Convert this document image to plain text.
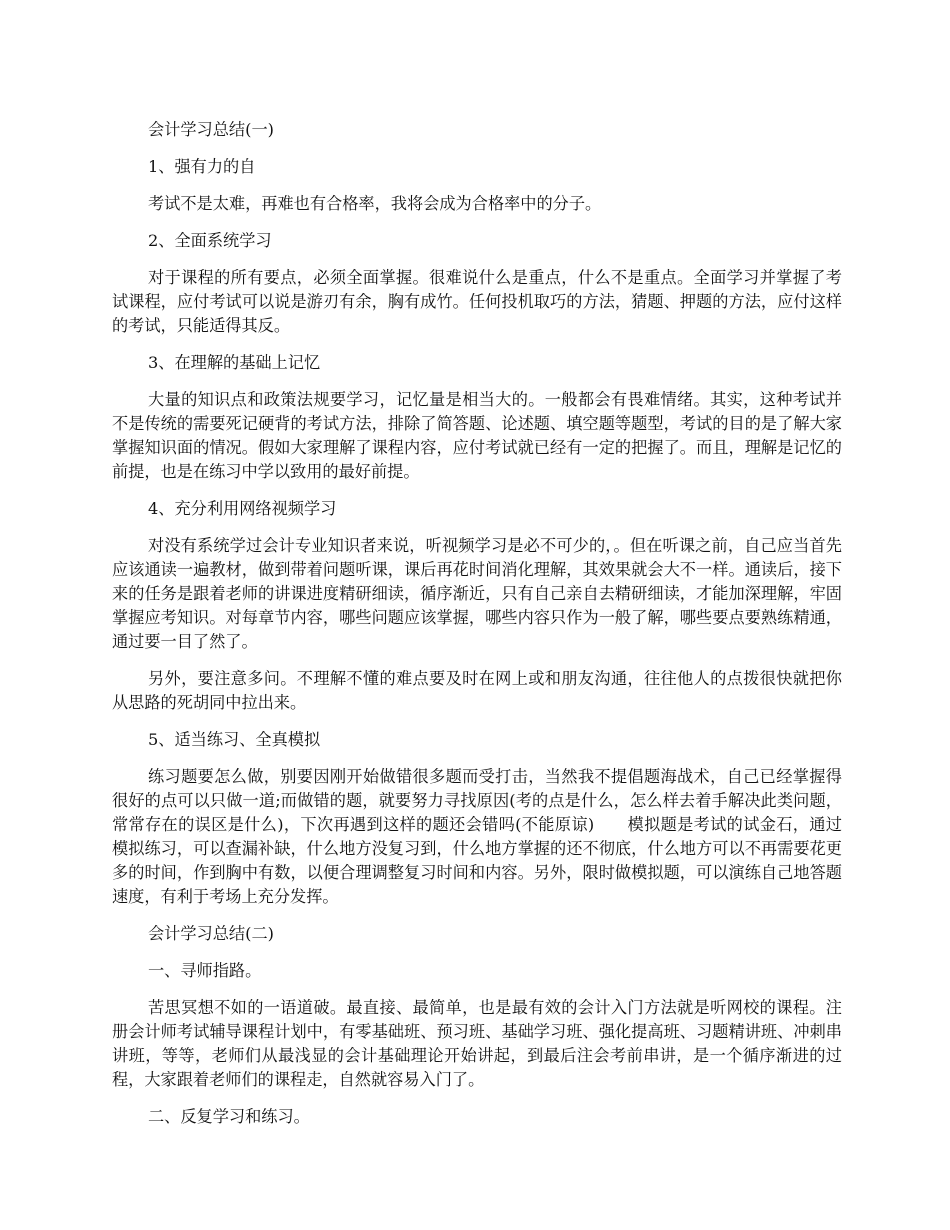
会计学习总结(一)

1、强有力的自

考试不是太难，再难也有合格率，我将会成为合格率中的分子。

2、全面系统学习

对于课程的所有要点，必须全面掌握。很难说什么是重点，什么不是重点。全面学习并掌握了考试课程，应付考试可以说是游刃有余，胸有成竹。任何投机取巧的方法，猜题、押题的方法，应付这样的考试，只能适得其反。

3、在理解的基础上记忆

大量的知识点和政策法规要学习，记忆量是相当大的。一般都会有畏难情绪。其实，这种考试并不是传统的需要死记硬背的考试方法，排除了简答题、论述题、填空题等题型，考试的目的是了解大家掌握知识面的情况。假如大家理解了课程内容，应付考试就已经有一定的把握了。而且，理解是记忆的前提，也是在练习中学以致用的最好前提。

4、充分利用网络视频学习

对没有系统学过会计专业知识者来说，听视频学习是必不可少的，。但在听课之前，自己应当首先应该通读一遍教材，做到带着问题听课，课后再花时间消化理解，其效果就会大不一样。通读后，接下来的任务是跟着老师的讲课进度精研细读，循序渐近，只有自己亲自去精研细读，才能加深理解，牢固掌握应考知识。对每章节内容，哪些问题应该掌握，哪些内容只作为一般了解，哪些要点要熟练精通，通过要一目了然了。

另外，要注意多问。不理解不懂的难点要及时在网上或和朋友沟通，往往他人的点拨很快就把你从思路的死胡同中拉出来。

5、适当练习、全真模拟

练习题要怎么做，别要因刚开始做错很多题而受打击，当然我不提倡题海战术，自己已经掌握得很好的点可以只做一道;而做错的题，就要努力寻找原因(考的点是什么，怎么样去着手解决此类问题，常常存在的误区是什么)，下次再遇到这样的题还会错吗(不能原谅)　　模拟题是考试的试金石，通过模拟练习，可以查漏补缺，什么地方没复习到，什么地方掌握的还不彻底，什么地方可以不再需要花更多的时间，作到胸中有数，以便合理调整复习时间和内容。另外，限时做模拟题，可以演练自己地答题速度，有利于考场上充分发挥。

会计学习总结(二)

一、寻师指路。

苦思冥想不如的一语道破。最直接、最简单，也是最有效的会计入门方法就是听网校的课程。注册会计师考试辅导课程计划中，有零基础班、预习班、基础学习班、强化提高班、习题精讲班、冲刺串讲班，等等，老师们从最浅显的会计基础理论开始讲起，到最后注会考前串讲，是一个循序渐进的过程，大家跟着老师们的课程走，自然就容易入门了。

二、反复学习和练习。
